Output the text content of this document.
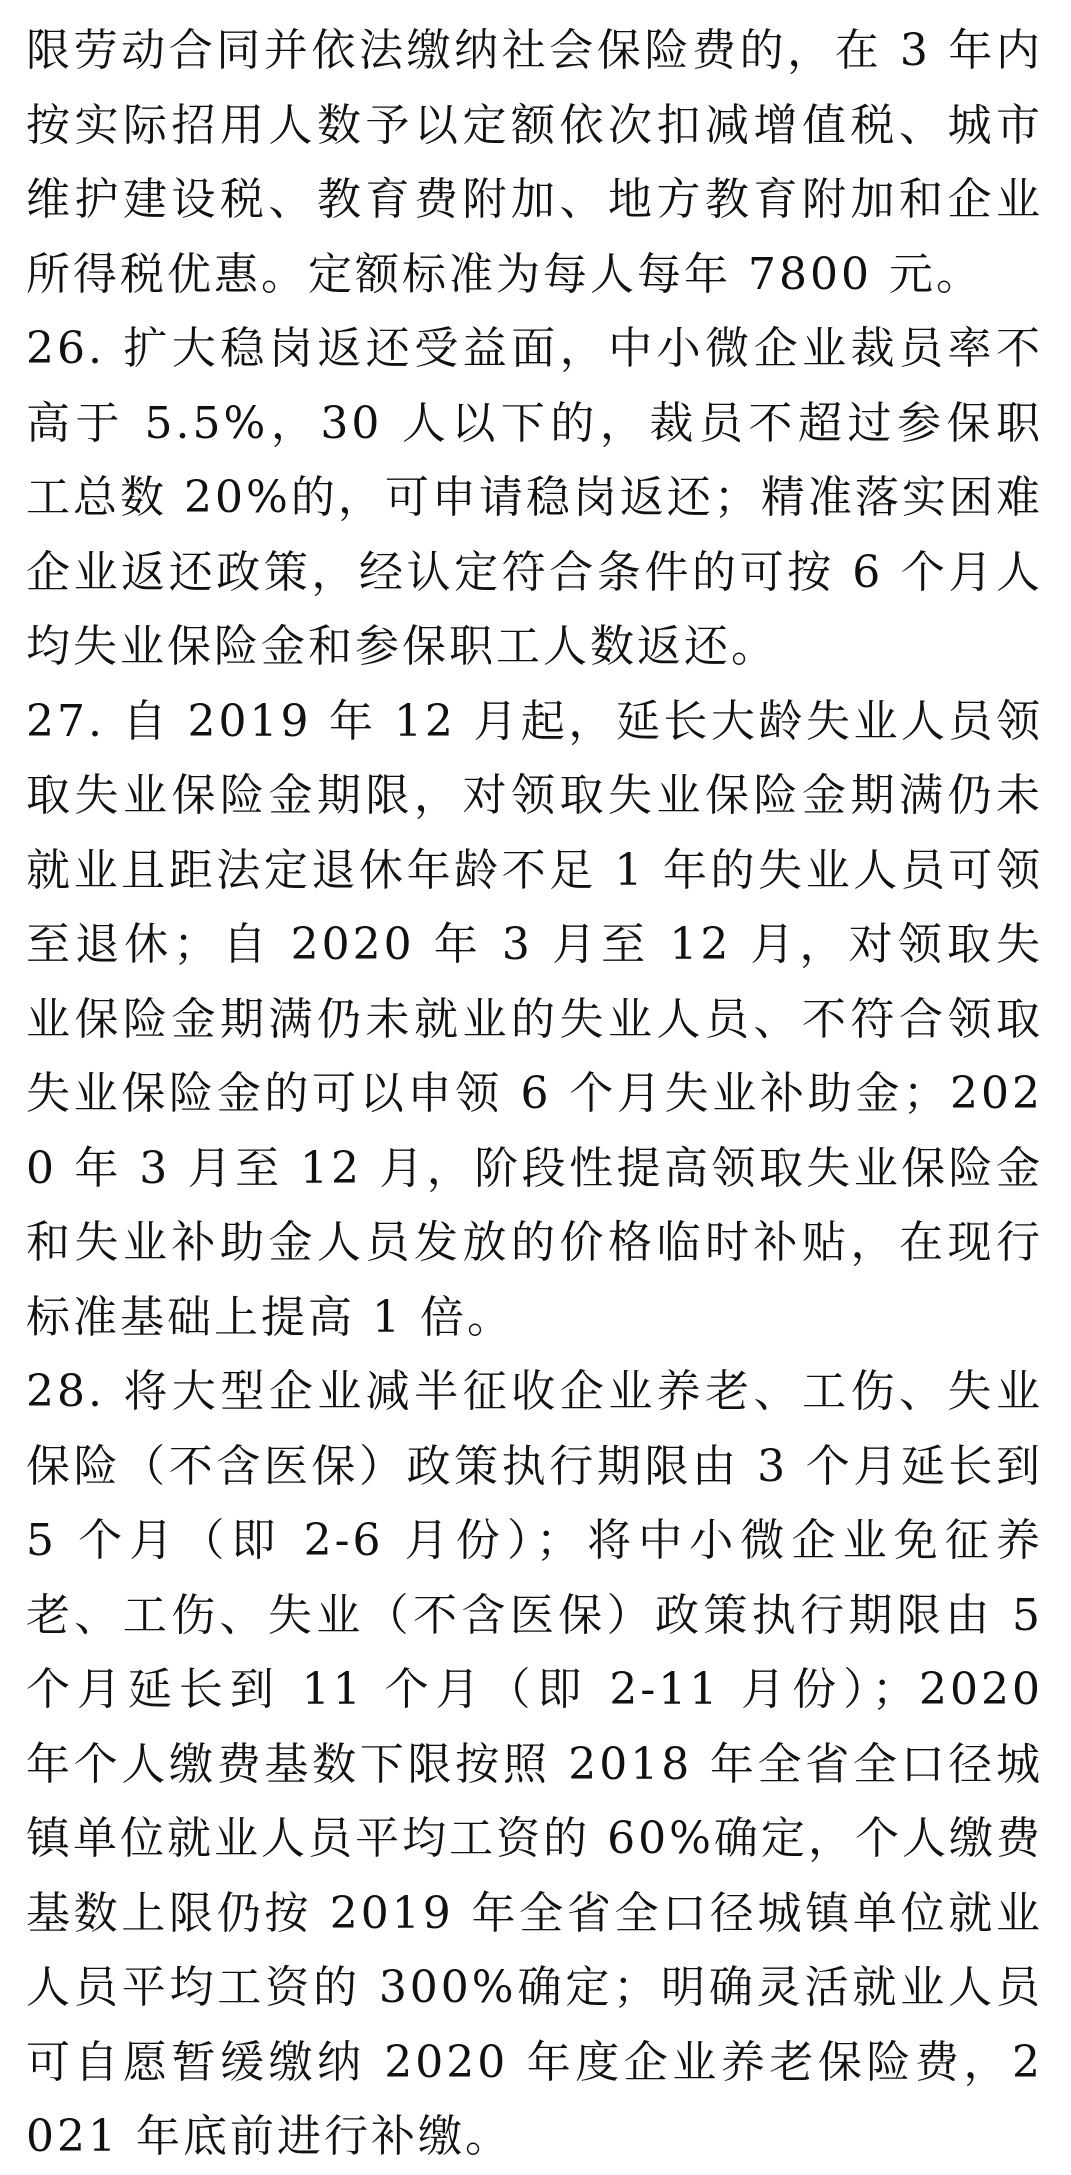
限劳动合同并依法缴纳社会保险费的，在 3 年内按实际招用人数予以定额依次扣减增值税、城市维护建设税、教育费附加、地方教育附加和企业所得税优惠。定额标准为每人每年 7800 元。

26. 扩大稳岗返还受益面，中小微企业裁员率不高于 5.5%，30 人以下的，裁员不超过参保职工总数 20%的，可申请稳岗返还；精准落实困难企业返还政策，经认定符合条件的可按 6 个月人均失业保险金和参保职工人数返还。

27. 自 2019 年 12 月起，延长大龄失业人员领取失业保险金期限，对领取失业保险金期满仍未就业且距法定退休年龄不足 1 年的失业人员可领至退休；自 2020 年 3 月至 12 月，对领取失业保险金期满仍未就业的失业人员、不符合领取失业保险金的可以申领 6 个月失业补助金；2020 年 3 月至 12 月，阶段性提高领取失业保险金和失业补助金人员发放的价格临时补贴，在现行标准基础上提高 1 倍。

28. 将大型企业减半征收企业养老、工伤、失业保险（不含医保）政策执行期限由 3 个月延长到 5 个月（即 2-6 月份）；将中小微企业免征养老、工伤、失业（不含医保）政策执行期限由 5 个月延长到 11 个月（即 2-11 月份）；2020 年个人缴费基数下限按照 2018 年全省全口径城镇单位就业人员平均工资的 60%确定，个人缴费基数上限仍按 2019 年全省全口径城镇单位就业人员平均工资的 300%确定；明确灵活就业人员可自愿暂缓缴纳 2020 年度企业养老保险费，2021 年底前进行补缴。
